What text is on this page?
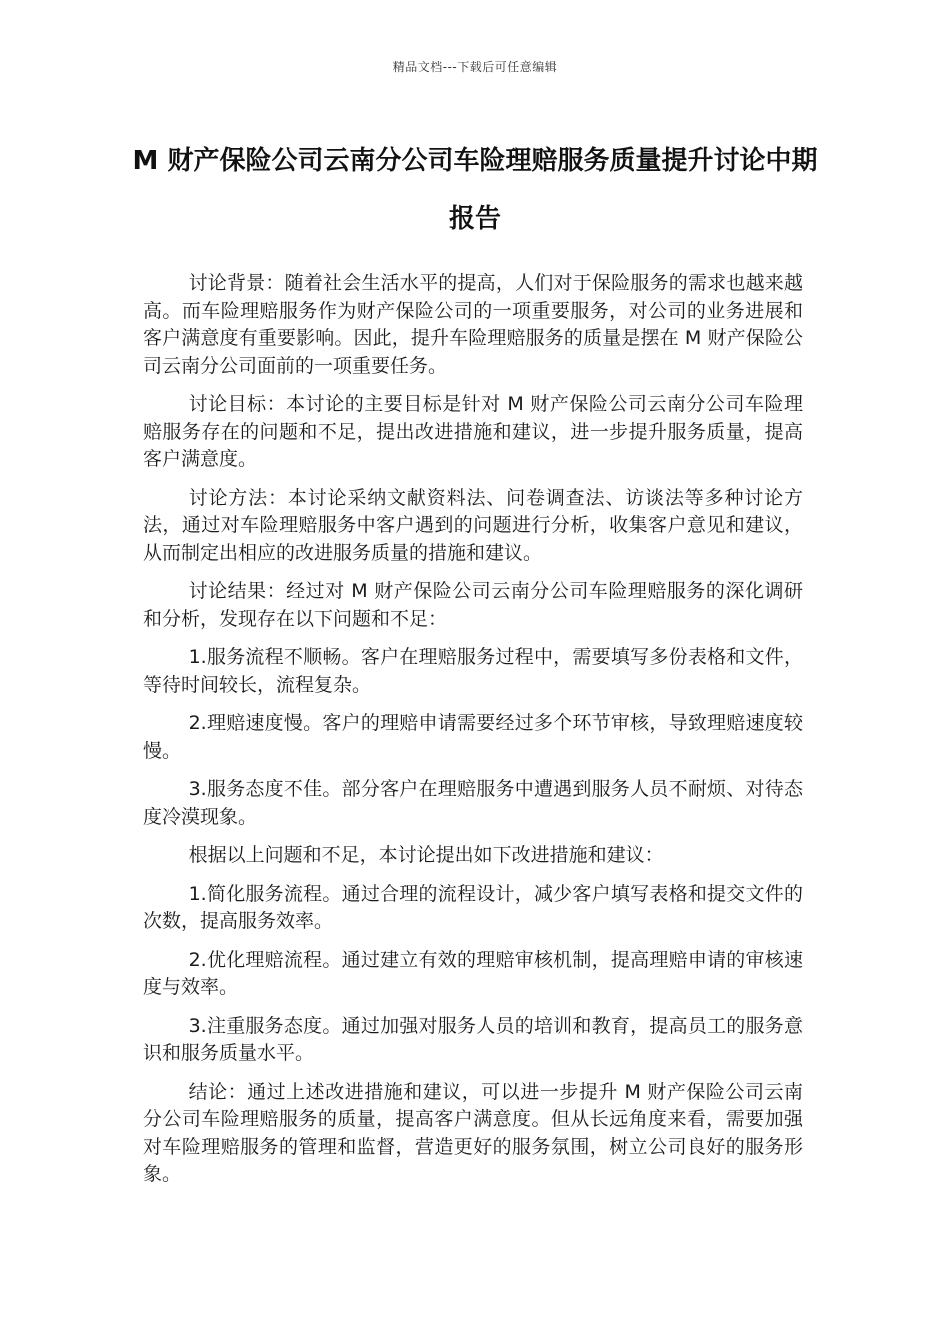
精品文档---下载后可任意编辑
M 财产保险公司云南分公司车险理赔服务质量提升讨论中期报告

讨论背景：随着社会生活水平的提高，人们对于保险服务的需求也越来越高。而车险理赔服务作为财产保险公司的一项重要服务，对公司的业务进展和客户满意度有重要影响。因此，提升车险理赔服务的质量是摆在 M 财产保险公司云南分公司面前的一项重要任务。

讨论目标：本讨论的主要目标是针对 M 财产保险公司云南分公司车险理赔服务存在的问题和不足，提出改进措施和建议，进一步提升服务质量，提高客户满意度。

讨论方法：本讨论采纳文献资料法、问卷调查法、访谈法等多种讨论方法，通过对车险理赔服务中客户遇到的问题进行分析，收集客户意见和建议，从而制定出相应的改进服务质量的措施和建议。

讨论结果：经过对 M 财产保险公司云南分公司车险理赔服务的深化调研和分析，发现存在以下问题和不足：

1.服务流程不顺畅。客户在理赔服务过程中，需要填写多份表格和文件，等待时间较长，流程复杂。

2.理赔速度慢。客户的理赔申请需要经过多个环节审核，导致理赔速度较慢。

3.服务态度不佳。部分客户在理赔服务中遭遇到服务人员不耐烦、对待态度冷漠现象。

根据以上问题和不足，本讨论提出如下改进措施和建议：

1.简化服务流程。通过合理的流程设计，减少客户填写表格和提交文件的次数，提高服务效率。

2.优化理赔流程。通过建立有效的理赔审核机制，提高理赔申请的审核速度与效率。

3.注重服务态度。通过加强对服务人员的培训和教育，提高员工的服务意识和服务质量水平。

结论：通过上述改进措施和建议，可以进一步提升 M 财产保险公司云南分公司车险理赔服务的质量，提高客户满意度。但从长远角度来看，需要加强对车险理赔服务的管理和监督，营造更好的服务氛围，树立公司良好的服务形象。
